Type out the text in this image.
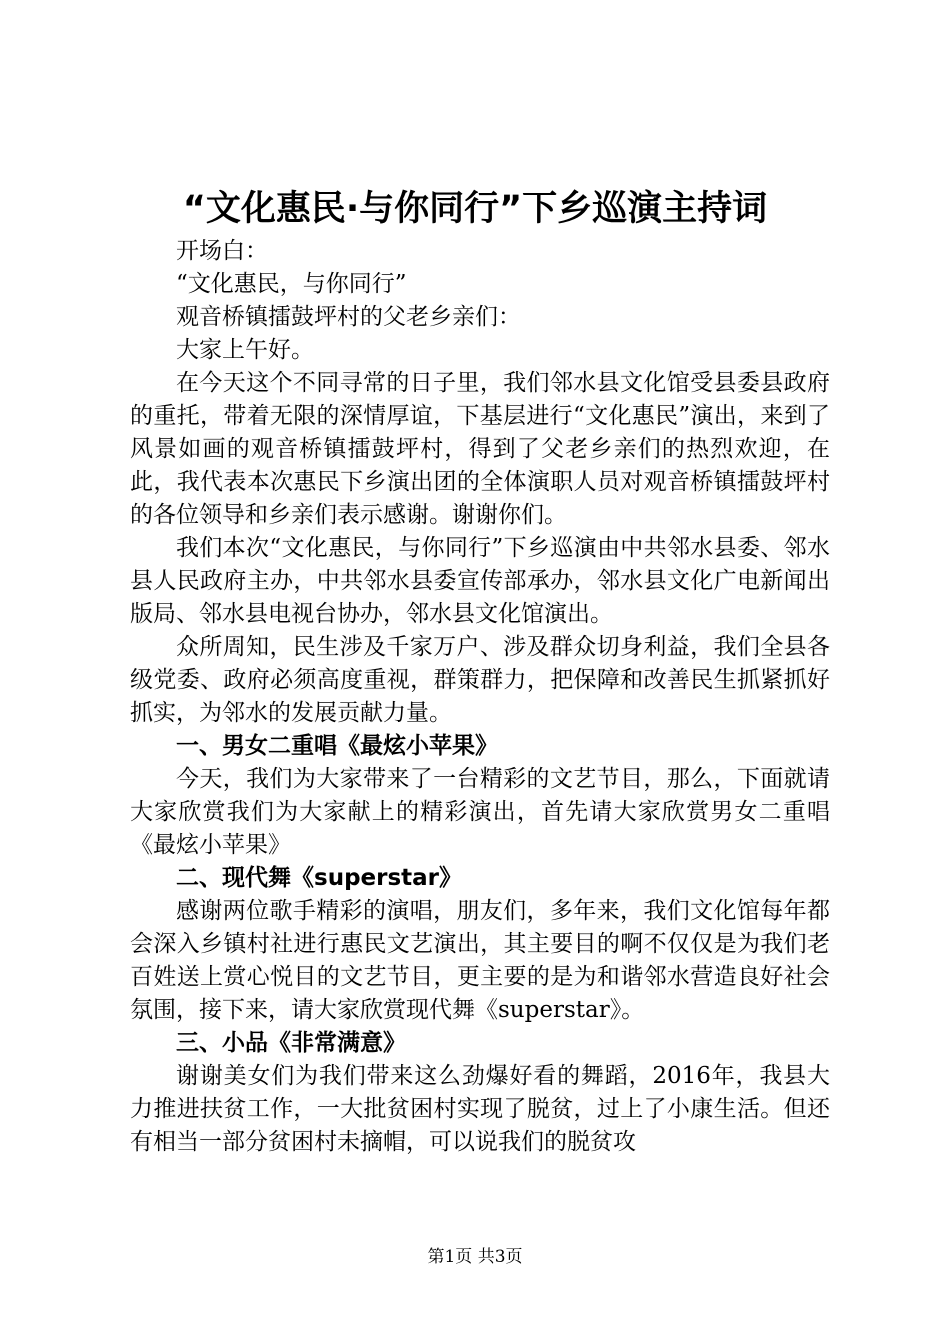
“文化惠民·与你同行”下乡巡演主持词

开场白：

“文化惠民，与你同行”

观音桥镇擂鼓坪村的父老乡亲们：

大家上午好。

在今天这个不同寻常的日子里，我们邻水县文化馆受县委县政府的重托，带着无限的深情厚谊，下基层进行“文化惠民”演出，来到了风景如画的观音桥镇擂鼓坪村，得到了父老乡亲们的热烈欢迎，在此，我代表本次惠民下乡演出团的全体演职人员对观音桥镇擂鼓坪村的各位领导和乡亲们表示感谢。谢谢你们。

我们本次“文化惠民，与你同行”下乡巡演由中共邻水县委、邻水县人民政府主办，中共邻水县委宣传部承办，邻水县文化广电新闻出版局、邻水县电视台协办，邻水县文化馆演出。

众所周知，民生涉及千家万户、涉及群众切身利益，我们全县各级党委、政府必须高度重视，群策群力，把保障和改善民生抓紧抓好抓实，为邻水的发展贡献力量。

一、男女二重唱《最炫小苹果》

今天，我们为大家带来了一台精彩的文艺节目，那么，下面就请大家欣赏我们为大家献上的精彩演出，首先请大家欣赏男女二重唱《最炫小苹果》

二、现代舞《superstar》

感谢两位歌手精彩的演唱，朋友们，多年来，我们文化馆每年都会深入乡镇村社进行惠民文艺演出，其主要目的啊不仅仅是为我们老百姓送上赏心悦目的文艺节目，更主要的是为和谐邻水营造良好社会氛围，接下来，请大家欣赏现代舞《superstar》。

三、小品《非常满意》

谢谢美女们为我们带来这么劲爆好看的舞蹈，2016年，我县大力推进扶贫工作，一大批贫困村实现了脱贫，过上了小康生活。但还有相当一部分贫困村未摘帽，可以说我们的脱贫攻

第1页 共3页
